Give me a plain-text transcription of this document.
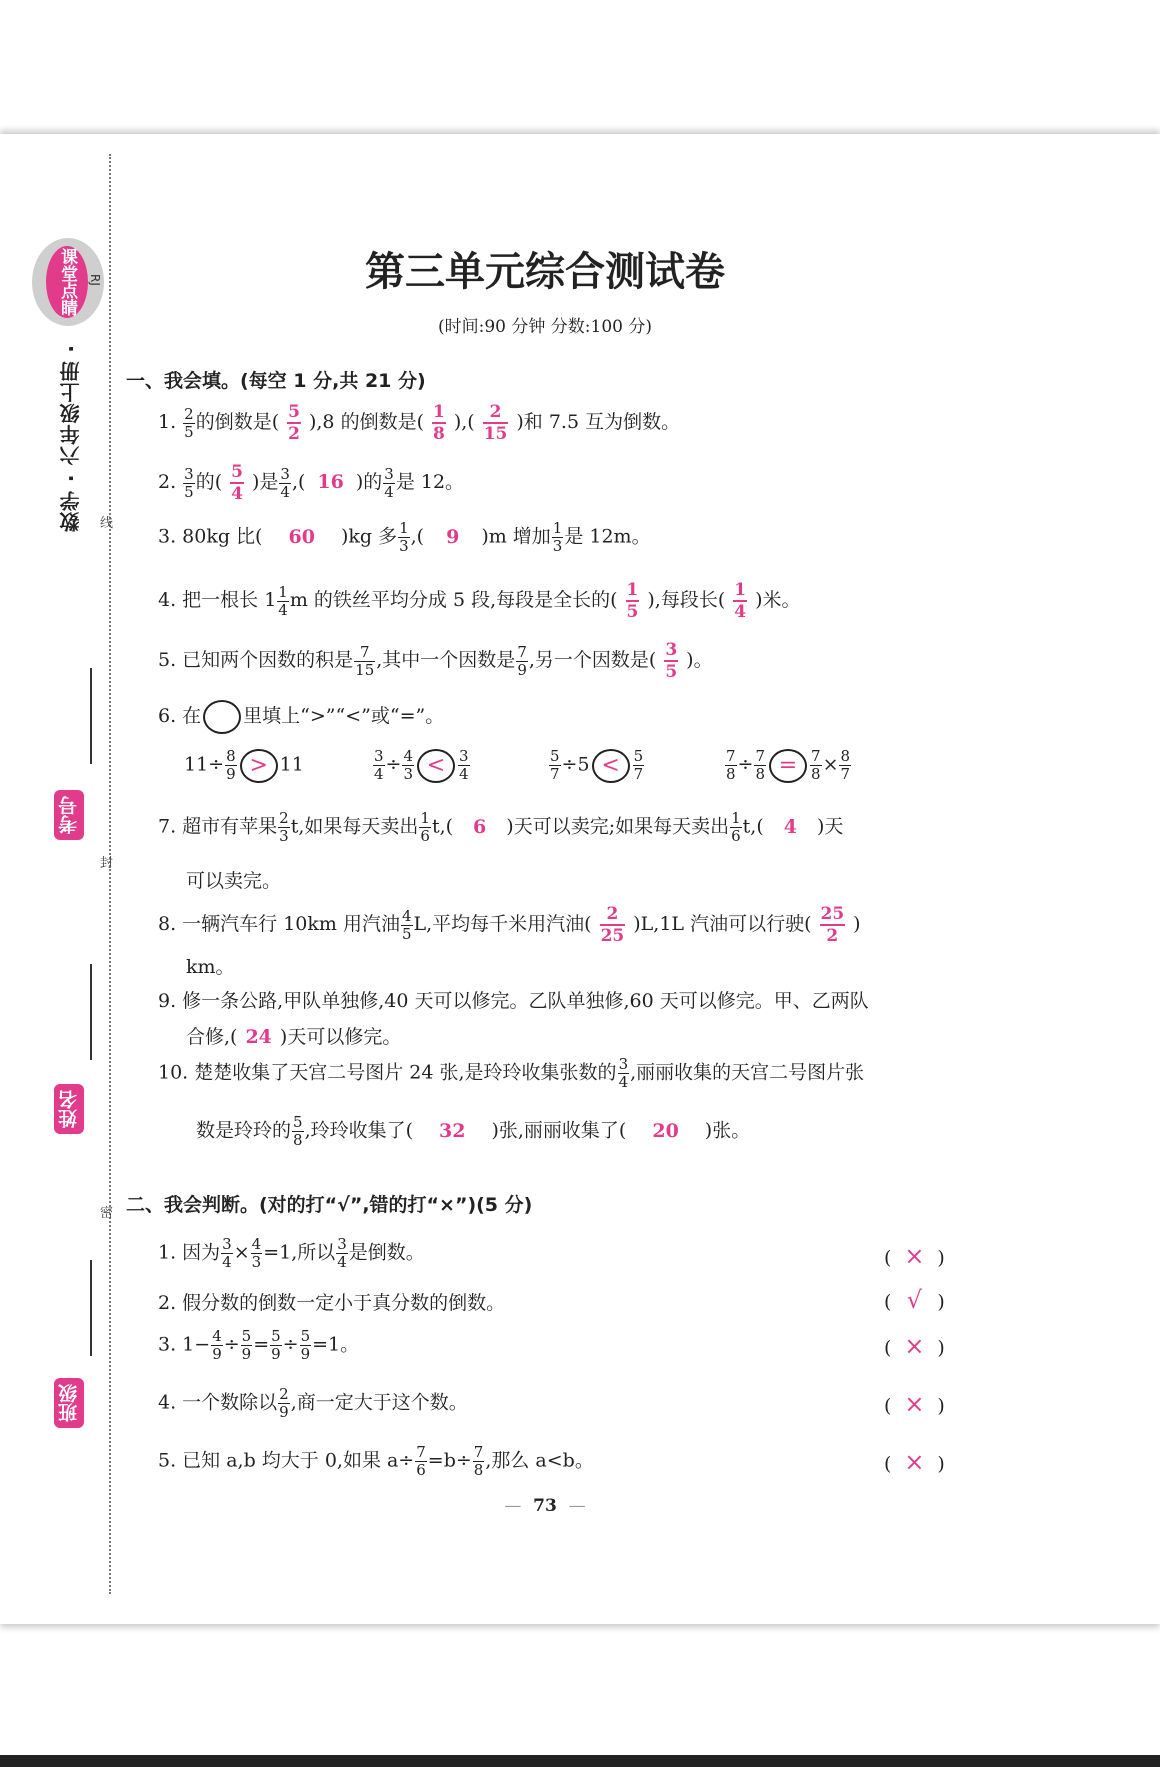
课堂点睛 RJ
数学 · 六年级上册 · 线
考号
封
姓名
密
班级
第三单元综合测试卷
(时间:90 分钟 分数:100 分)
一、我会填。(每空 1 分,共 21 分)
1. $\frac{2}{5}$ 的倒数是( $\frac{5}{2} ),8$ 的倒数是( $\frac{1}{8}$ ),( $\frac{2}{15}$ )和 7.5 互为倒数。
2. $\frac{3}{5}$ 的( $\frac{5}{4}$ )是 $\frac{3}{4}$ ,( 16 )的 $\frac{3}{4}$ 是 12。
3. 80kg 比( 60 )kg 多 $\frac{1}{3}$ ,( 9 )m 增加 $\frac{1}{3}$ 是 12m。
4. 把一根长 $1 \frac{1}{4}$ m 的铁丝平均分成 5 段,每段是全长的( $\frac{1}{5}$ ),每段长( $\frac{1}{4}$ )米。
5. 已知两个因数的积是 $\frac{7}{15}$ ,其中一个因数是 $\frac{7}{9}$ ,另一个因数是( $\frac{3}{5}$ )。
6. 在 里填上“>”“<”或“=”。
$11\div \frac{8}{9} > 11$	$\frac{3}{4} \div \frac{4}{3} < \frac{3}{4}$	$\frac{5}{7} \div 5 < \frac{5}{7}$	$\frac{7}{8} \div \frac{7}{8} = \frac{7}{8} \times \frac{8}{7}$
7. 超市有苹果 $\frac{2}{3} t$,如果每天卖出 $\frac{1}{6} t$,( 6 )天可以卖完;如果每天卖出 $\frac{1}{6} t$,( 4 )天
可以卖完。
8. 一辆汽车行 10km 用汽油 $\frac{4}{5} L$,平均每千米用汽油( $\frac{2}{25} )L,1L$ 汽油可以行驶( $\frac{25}{2}$ )
km。
9. 修一条公路,甲队单独修,40 天可以修完。乙队单独修,60 天可以修完。甲、乙两队
合修,( 24 )天可以修完。
10. 楚楚收集了天宫二号图片 24 张,是玲玲收集张数的 $\frac{3}{4}$ ,丽丽收集的天宫二号图片张
数是玲玲的 $\frac{5}{8}$ ,玲玲收集了( 32 )张,丽丽收集了( 20 )张。
二、我会判断。(对的打“√”,错的打“×”)(5 分)
1. 因为 $\frac{3}{4} \times \frac{4}{3} =1$,所以 $\frac{3}{4}$ 是倒数。	( × )
2. 假分数的倒数一定小于真分数的倒数。	( √ )
3. $1- \frac{4}{9} \div \frac{5}{9} = \frac{5}{9} \div \frac{5}{9} =1$。	( × )
4. 一个数除以 $\frac{2}{9}$ ,商一定大于这个数。	( × )
5. 已知 a,b 均大于 0,如果 $a\div \frac{7}{6} =b\div \frac{7}{8}$ ,那么 a<b。	( × )
— 73 —
